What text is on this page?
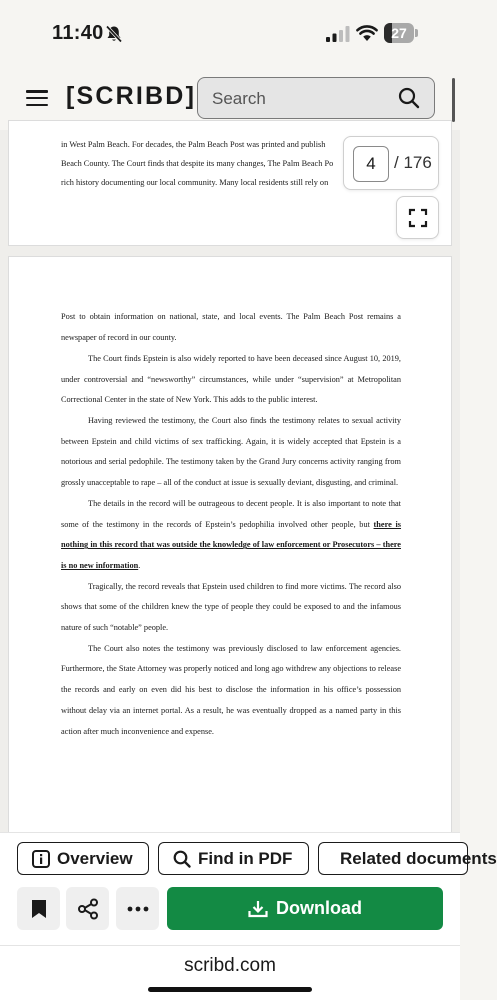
11:40	27
[SCRIBD]
Search
in West Palm Beach. For decades, the Palm Beach Post was printed and publish
Beach County. The Court finds that despite its many changes, The Palm Beach Po
rich history documenting our local community. Many local residents still rely on

Post to obtain information on national, state, and local events. The Palm Beach Post remains a newspaper of record in our county.

The Court finds Epstein is also widely reported to have been deceased since August 10, 2019, under controversial and “newsworthy” circumstances, while under “supervision” at Metropolitan Correctional Center in the state of New York. This adds to the public interest.

Having reviewed the testimony, the Court also finds the testimony relates to sexual activity between Epstein and child victims of sex trafficking. Again, it is widely accepted that Epstein is a notorious and serial pedophile. The testimony taken by the Grand Jury concerns activity ranging from grossly unacceptable to rape – all of the conduct at issue is sexually deviant, disgusting, and criminal.

The details in the record will be outrageous to decent people. It is also important to note that some of the testimony in the records of Epstein’s pedophilia involved other people, but there is nothing in this record that was outside the knowledge of law enforcement or Prosecutors – there is no new information.

Tragically, the record reveals that Epstein used children to find more victims. The record also shows that some of the children knew the type of people they could be exposed to and the infamous nature of such “notable” people.

The Court also notes the testimony was previously disclosed to law enforcement agencies. Furthermore, the State Attorney was properly noticed and long ago withdrew any objections to release the records and early on even did his best to disclose the information in his office’s possession without delay via an internet portal. As a result, he was eventually dropped as a named party in this action after much inconvenience and expense.

4	/ 176
Overview	Find in PDF	Related documents
Download
scribd.com
